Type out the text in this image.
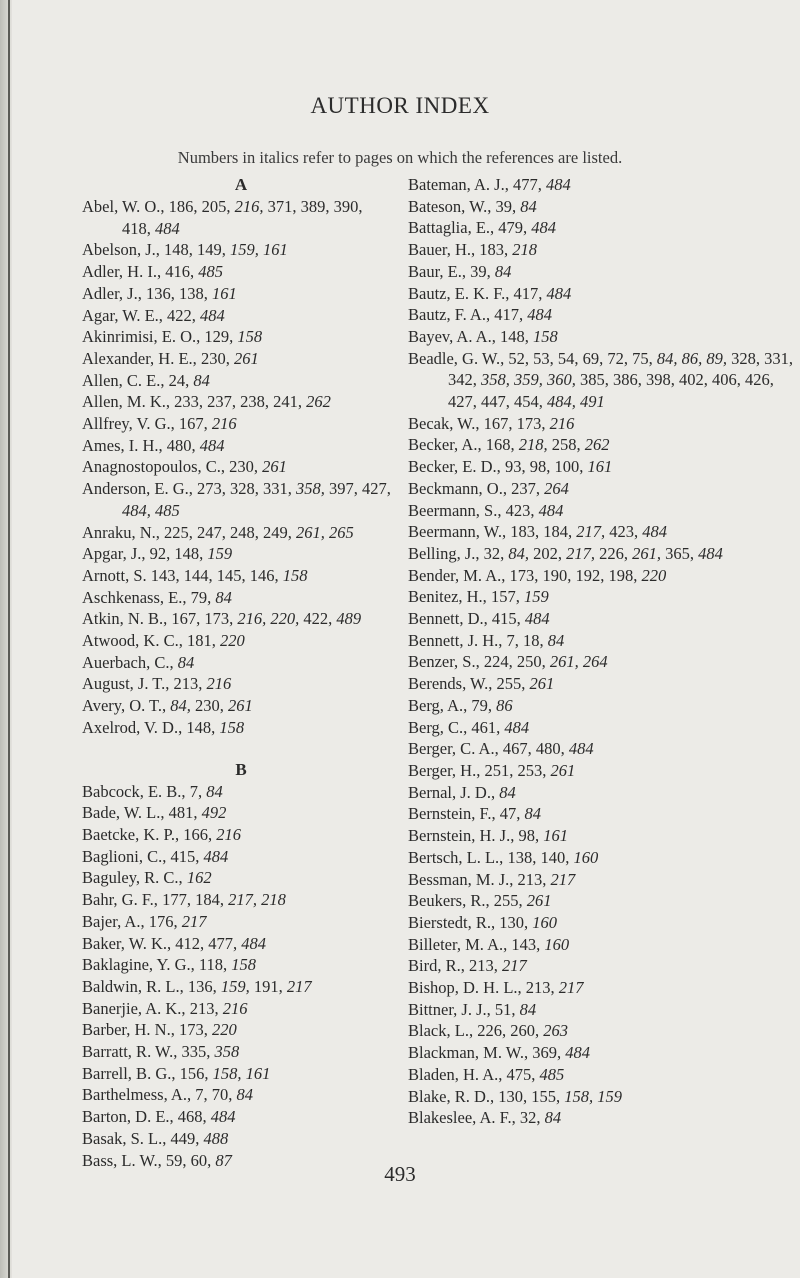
AUTHOR INDEX
Numbers in italics refer to pages on which the references are listed.
A
Abel, W. O., 186, 205, 216, 371, 389, 390, 418, 484
Abelson, J., 148, 149, 159, 161
Adler, H. I., 416, 485
Adler, J., 136, 138, 161
Agar, W. E., 422, 484
Akinrimisi, E. O., 129, 158
Alexander, H. E., 230, 261
Allen, C. E., 24, 84
Allen, M. K., 233, 237, 238, 241, 262
Allfrey, V. G., 167, 216
Ames, I. H., 480, 484
Anagnostopoulos, C., 230, 261
Anderson, E. G., 273, 328, 331, 358, 397, 427, 484, 485
Anraku, N., 225, 247, 248, 249, 261, 265
Apgar, J., 92, 148, 159
Arnott, S. 143, 144, 145, 146, 158
Aschkenass, E., 79, 84
Atkin, N. B., 167, 173, 216, 220, 422, 489
Atwood, K. C., 181, 220
Auerbach, C., 84
August, J. T., 213, 216
Avery, O. T., 84, 230, 261
Axelrod, V. D., 148, 158
B
Babcock, E. B., 7, 84
Bade, W. L., 481, 492
Baetcke, K. P., 166, 216
Baglioni, C., 415, 484
Baguley, R. C., 162
Bahr, G. F., 177, 184, 217, 218
Bajer, A., 176, 217
Baker, W. K., 412, 477, 484
Baklagine, Y. G., 118, 158
Baldwin, R. L., 136, 159, 191, 217
Banerjie, A. K., 213, 216
Barber, H. N., 173, 220
Barratt, R. W., 335, 358
Barrell, B. G., 156, 158, 161
Barthelmess, A., 7, 70, 84
Barton, D. E., 468, 484
Basak, S. L., 449, 488
Bass, L. W., 59, 60, 87
Bateman, A. J., 477, 484
Bateson, W., 39, 84
Battaglia, E., 479, 484
Bauer, H., 183, 218
Baur, E., 39, 84
Bautz, E. K. F., 417, 484
Bautz, F. A., 417, 484
Bayev, A. A., 148, 158
Beadle, G. W., 52, 53, 54, 69, 72, 75, 84, 86, 89, 328, 331, 342, 358, 359, 360, 385, 386, 398, 402, 406, 426, 427, 447, 454, 484, 491
Becak, W., 167, 173, 216
Becker, A., 168, 218, 258, 262
Becker, E. D., 93, 98, 100, 161
Beckmann, O., 237, 264
Beermann, S., 423, 484
Beermann, W., 183, 184, 217, 423, 484
Belling, J., 32, 84, 202, 217, 226, 261, 365, 484
Bender, M. A., 173, 190, 192, 198, 220
Benitez, H., 157, 159
Bennett, D., 415, 484
Bennett, J. H., 7, 18, 84
Benzer, S., 224, 250, 261, 264
Berends, W., 255, 261
Berg, A., 79, 86
Berg, C., 461, 484
Berger, C. A., 467, 480, 484
Berger, H., 251, 253, 261
Bernal, J. D., 84
Bernstein, F., 47, 84
Bernstein, H. J., 98, 161
Bertsch, L. L., 138, 140, 160
Bessman, M. J., 213, 217
Beukers, R., 255, 261
Bierstedt, R., 130, 160
Billeter, M. A., 143, 160
Bird, R., 213, 217
Bishop, D. H. L., 213, 217
Bittner, J. J., 51, 84
Black, L., 226, 260, 263
Blackman, M. W., 369, 484
Bladen, H. A., 475, 485
Blake, R. D., 130, 155, 158, 159
Blakeslee, A. F., 32, 84
493
